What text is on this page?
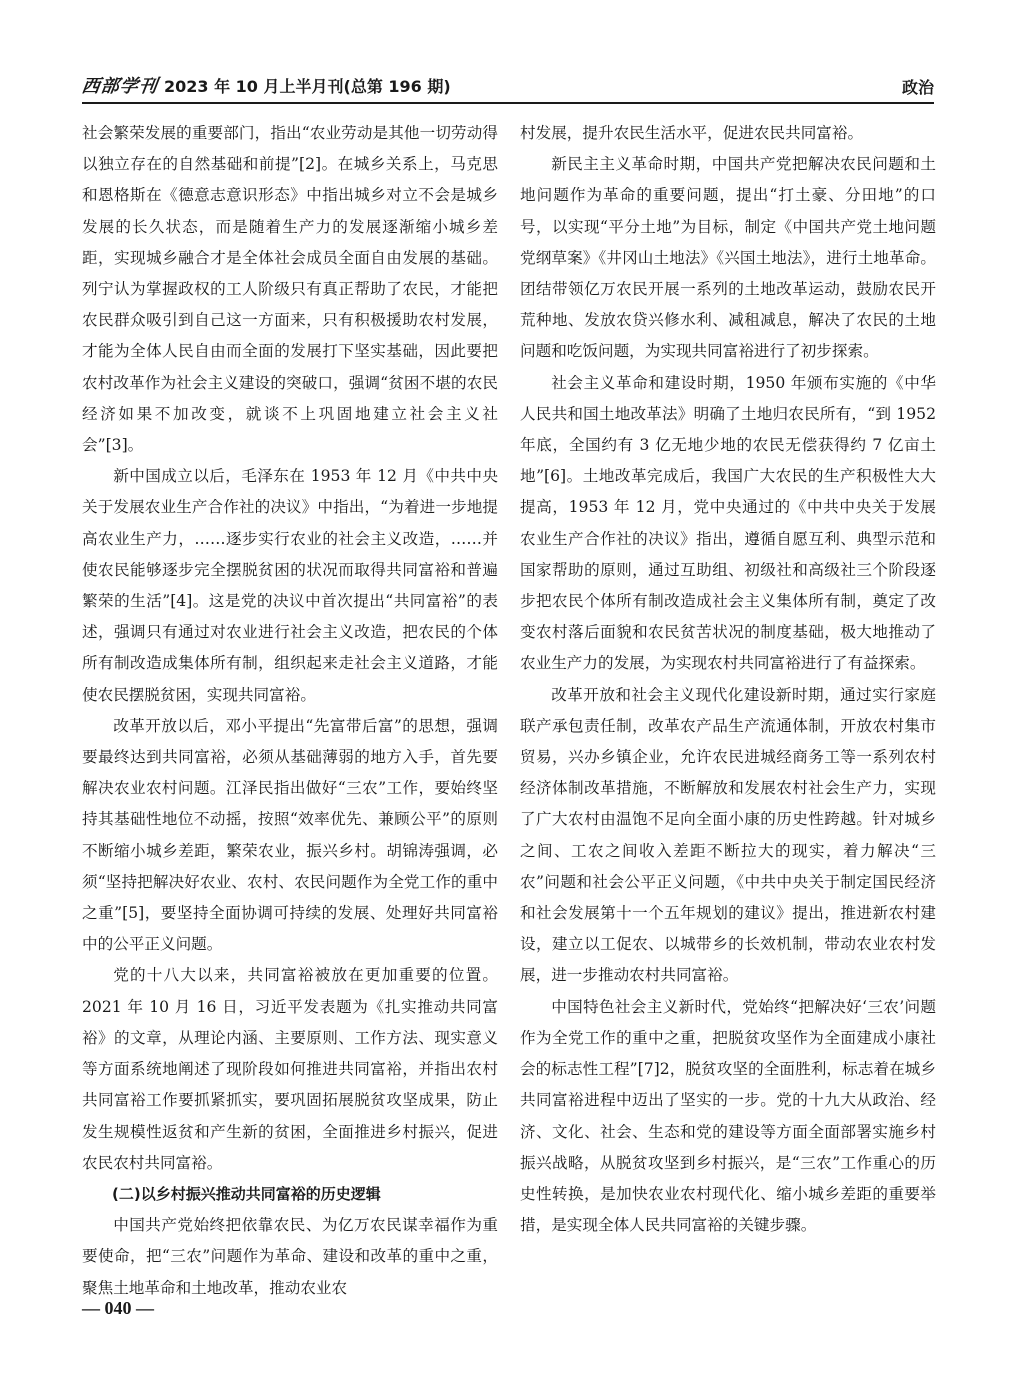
西部学刊 2023 年 10 月上半月刊(总第 196 期)	政治

社会繁荣发展的重要部门，指出“农业劳动是其他一切劳动得以独立存在的自然基础和前提”[2]。在城乡关系上，马克思和恩格斯在《德意志意识形态》中指出城乡对立不会是城乡发展的长久状态，而是随着生产力的发展逐渐缩小城乡差距，实现城乡融合才是全体社会成员全面自由发展的基础。列宁认为掌握政权的工人阶级只有真正帮助了农民，才能把农民群众吸引到自己这一方面来，只有积极援助农村发展，才能为全体人民自由而全面的发展打下坚实基础，因此要把农村改革作为社会主义建设的突破口，强调“贫困不堪的农民经济如果不加改变，就谈不上巩固地建立社会主义社会”[3]。

新中国成立以后，毛泽东在 1953 年 12 月《中共中央关于发展农业生产合作社的决议》中指出，“为着进一步地提高农业生产力，……逐步实行农业的社会主义改造，……并使农民能够逐步完全摆脱贫困的状况而取得共同富裕和普遍繁荣的生活”[4]。这是党的决议中首次提出“共同富裕”的表述，强调只有通过对农业进行社会主义改造，把农民的个体所有制改造成集体所有制，组织起来走社会主义道路，才能使农民摆脱贫困，实现共同富裕。

改革开放以后，邓小平提出“先富带后富”的思想，强调要最终达到共同富裕，必须从基础薄弱的地方入手，首先要解决农业农村问题。江泽民指出做好“三农”工作，要始终坚持其基础性地位不动摇，按照“效率优先、兼顾公平”的原则不断缩小城乡差距，繁荣农业，振兴乡村。胡锦涛强调，必须“坚持把解决好农业、农村、农民问题作为全党工作的重中之重”[5]，要坚持全面协调可持续的发展、处理好共同富裕中的公平正义问题。

党的十八大以来，共同富裕被放在更加重要的位置。2021 年 10 月 16 日，习近平发表题为《扎实推动共同富裕》的文章，从理论内涵、主要原则、工作方法、现实意义等方面系统地阐述了现阶段如何推进共同富裕，并指出农村共同富裕工作要抓紧抓实，要巩固拓展脱贫攻坚成果，防止发生规模性返贫和产生新的贫困，全面推进乡村振兴，促进农民农村共同富裕。

(二)以乡村振兴推动共同富裕的历史逻辑

中国共产党始终把依靠农民、为亿万农民谋幸福作为重要使命，把“三农”问题作为革命、建设和改革的重中之重，聚焦土地革命和土地改革，推动农业农

村发展，提升农民生活水平，促进农民共同富裕。

新民主主义革命时期，中国共产党把解决农民问题和土地问题作为革命的重要问题，提出“打土豪、分田地”的口号，以实现“平分土地”为目标，制定《中国共产党土地问题党纲草案》《井冈山土地法》《兴国土地法》，进行土地革命。团结带领亿万农民开展一系列的土地改革运动，鼓励农民开荒种地、发放农贷兴修水利、减租减息，解决了农民的土地问题和吃饭问题，为实现共同富裕进行了初步探索。

社会主义革命和建设时期，1950 年颁布实施的《中华人民共和国土地改革法》明确了土地归农民所有，“到 1952 年底，全国约有 3 亿无地少地的农民无偿获得约 7 亿亩土地”[6]。土地改革完成后，我国广大农民的生产积极性大大提高，1953 年 12 月，党中央通过的《中共中央关于发展农业生产合作社的决议》指出，遵循自愿互利、典型示范和国家帮助的原则，通过互助组、初级社和高级社三个阶段逐步把农民个体所有制改造成社会主义集体所有制，奠定了改变农村落后面貌和农民贫苦状况的制度基础，极大地推动了农业生产力的发展，为实现农村共同富裕进行了有益探索。

改革开放和社会主义现代化建设新时期，通过实行家庭联产承包责任制，改革农产品生产流通体制，开放农村集市贸易，兴办乡镇企业，允许农民进城经商务工等一系列农村经济体制改革措施，不断解放和发展农村社会生产力，实现了广大农村由温饱不足向全面小康的历史性跨越。针对城乡之间、工农之间收入差距不断拉大的现实，着力解决“三农”问题和社会公平正义问题，《中共中央关于制定国民经济和社会发展第十一个五年规划的建议》提出，推进新农村建设，建立以工促农、以城带乡的长效机制，带动农业农村发展，进一步推动农村共同富裕。

中国特色社会主义新时代，党始终“把解决好‘三农’问题作为全党工作的重中之重，把脱贫攻坚作为全面建成小康社会的标志性工程”[7]2，脱贫攻坚的全面胜利，标志着在城乡共同富裕进程中迈出了坚实的一步。党的十九大从政治、经济、文化、社会、生态和党的建设等方面全面部署实施乡村振兴战略，从脱贫攻坚到乡村振兴，是“三农”工作重心的历史性转换，是加快农业农村现代化、缩小城乡差距的重要举措，是实现全体人民共同富裕的关键步骤。

— 040 —
